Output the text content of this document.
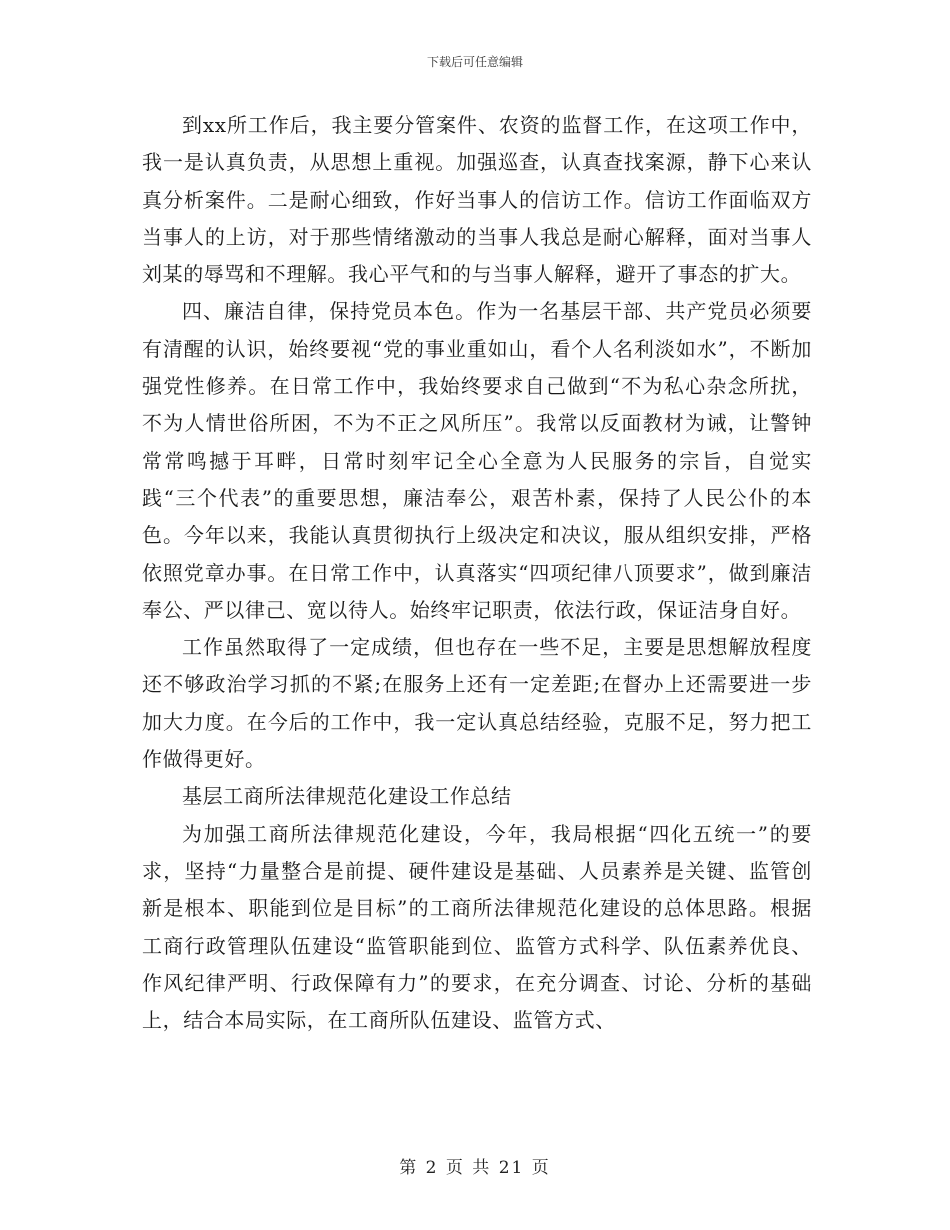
下载后可任意编辑

到xx所工作后，我主要分管案件、农资的监督工作，在这项工作中，我一是认真负责，从思想上重视。加强巡查，认真查找案源，静下心来认真分析案件。二是耐心细致，作好当事人的信访工作。信访工作面临双方当事人的上访，对于那些情绪激动的当事人我总是耐心解释，面对当事人刘某的辱骂和不理解。我心平气和的与当事人解释，避开了事态的扩大。

四、廉洁自律，保持党员本色。作为一名基层干部、共产党员必须要有清醒的认识，始终要视“党的事业重如山，看个人名利淡如水”，不断加强党性修养。在日常工作中，我始终要求自己做到“不为私心杂念所扰，不为人情世俗所困，不为不正之风所压”。我常以反面教材为诫，让警钟常常鸣撼于耳畔，日常时刻牢记全心全意为人民服务的宗旨，自觉实践“三个代表”的重要思想，廉洁奉公，艰苦朴素，保持了人民公仆的本色。今年以来，我能认真贯彻执行上级决定和决议，服从组织安排，严格依照党章办事。在日常工作中，认真落实“四项纪律八顶要求”，做到廉洁奉公、严以律己、宽以待人。始终牢记职责，依法行政，保证洁身自好。

工作虽然取得了一定成绩，但也存在一些不足，主要是思想解放程度还不够政治学习抓的不紧;在服务上还有一定差距;在督办上还需要进一步加大力度。在今后的工作中，我一定认真总结经验，克服不足，努力把工作做得更好。

基层工商所法律规范化建设工作总结

为加强工商所法律规范化建设，今年，我局根据“四化五统一”的要求，坚持“力量整合是前提、硬件建设是基础、人员素养是关键、监管创新是根本、职能到位是目标”的工商所法律规范化建设的总体思路。根据工商行政管理队伍建设“监管职能到位、监管方式科学、队伍素养优良、作风纪律严明、行政保障有力”的要求，在充分调查、讨论、分析的基础上，结合本局实际，在工商所队伍建设、监管方式、

第 2 页 共 21 页
